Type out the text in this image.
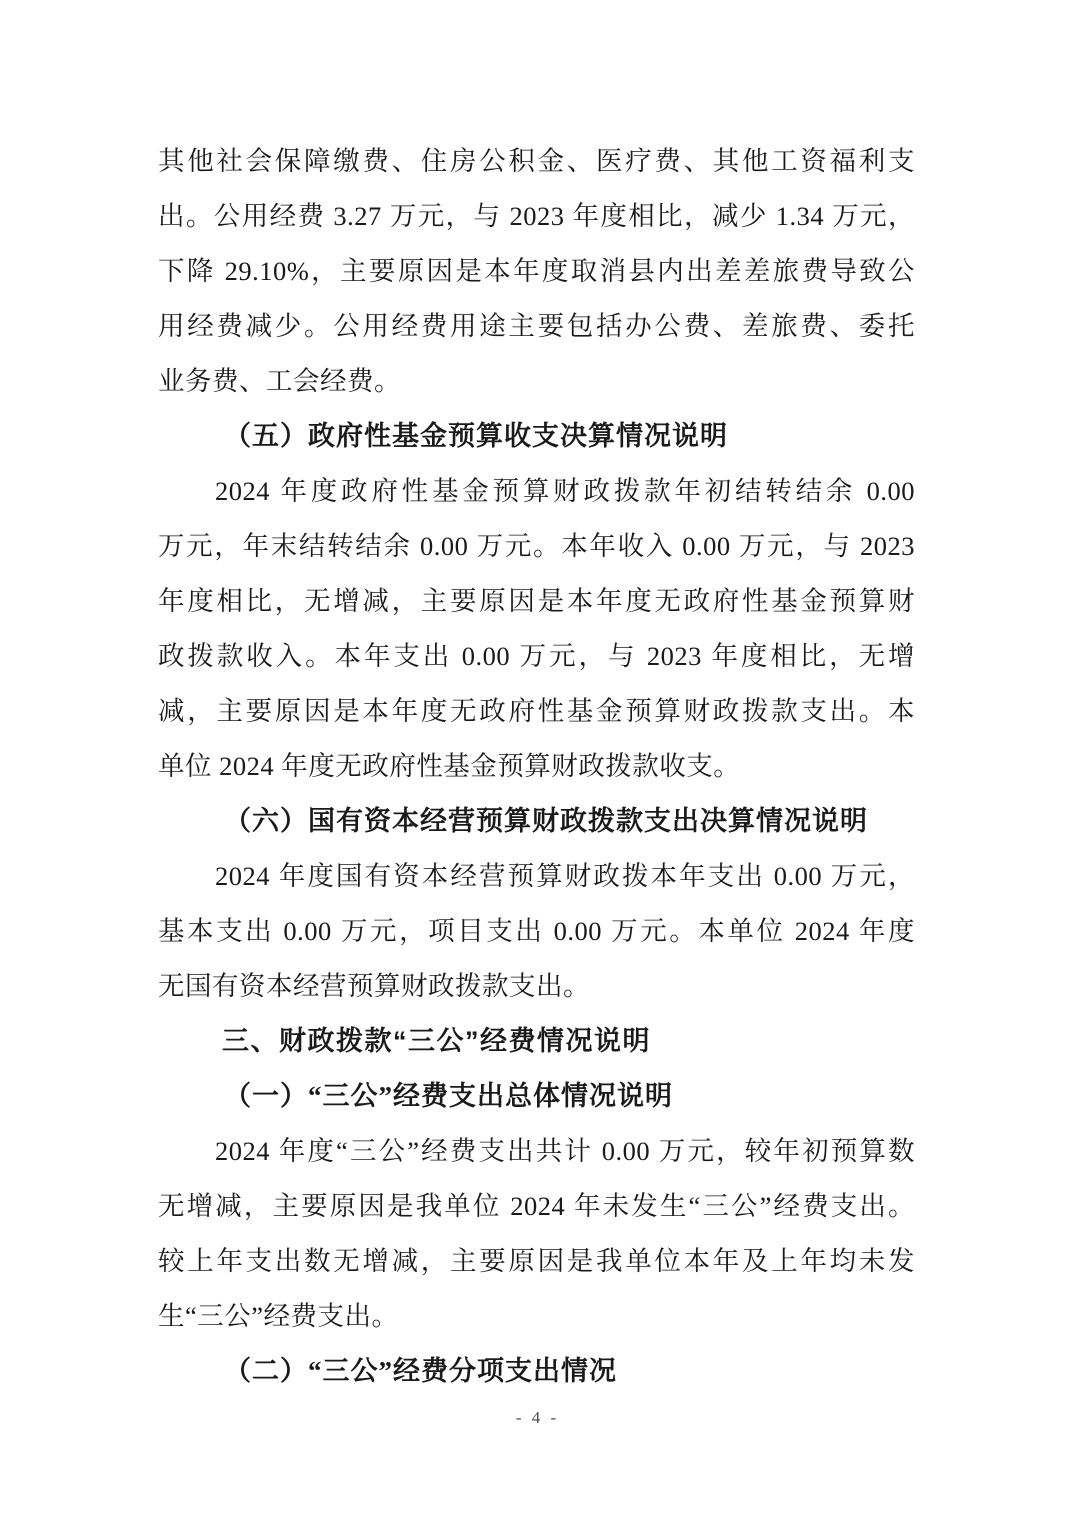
其他社会保障缴费、住房公积金、医疗费、其他工资福利支
出。公用经费 3.27 万元，与 2023 年度相比，减少 1.34 万元，
下降 29.10%，主要原因是本年度取消县内出差差旅费导致公
用经费减少。公用经费用途主要包括办公费、差旅费、委托
业务费、工会经费。
（五）政府性基金预算收支决算情况说明
2024 年度政府性基金预算财政拨款年初结转结余 0.00
万元，年末结转结余 0.00 万元。本年收入 0.00 万元，与 2023
年度相比，无增减，主要原因是本年度无政府性基金预算财
政拨款收入。本年支出 0.00 万元，与 2023 年度相比，无增
减，主要原因是本年度无政府性基金预算财政拨款支出。本
单位 2024 年度无政府性基金预算财政拨款收支。
（六）国有资本经营预算财政拨款支出决算情况说明
2024 年度国有资本经营预算财政拨本年支出 0.00 万元，
基本支出 0.00 万元，项目支出 0.00 万元。本单位 2024 年度
无国有资本经营预算财政拨款支出。
三、财政拨款“三公”经费情况说明
（一）“三公”经费支出总体情况说明
2024 年度“三公”经费支出共计 0.00 万元，较年初预算数
无增减，主要原因是我单位 2024 年未发生“三公”经费支出。
较上年支出数无增减，主要原因是我单位本年及上年均未发
生“三公”经费支出。
（二）“三公”经费分项支出情况
- 4 -
